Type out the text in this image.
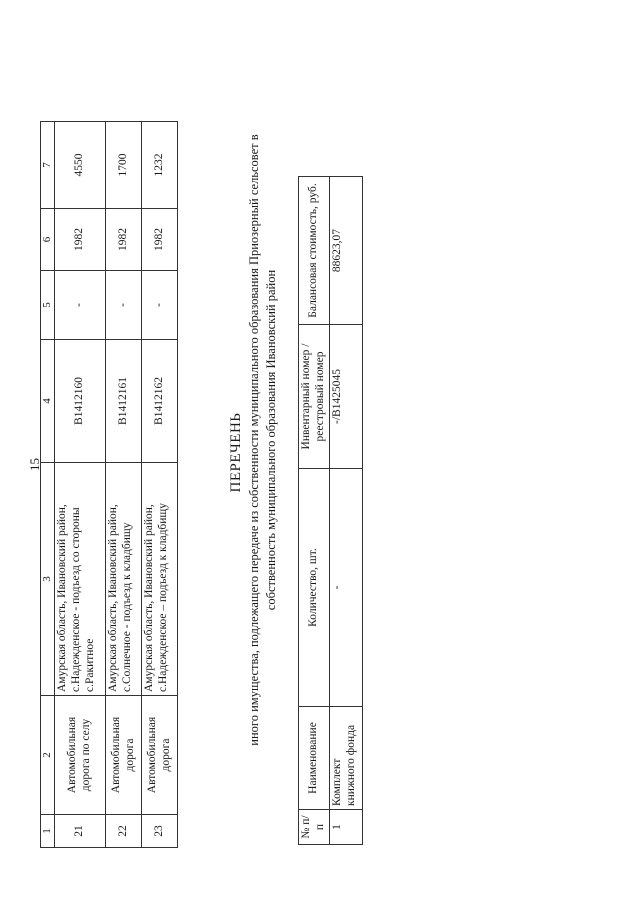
15
1	2	3	4	5	6	7
21	Автомобильная дорога по селу	Амурская область, Ивановский район, с.Надежденское - подъезд со стороны с.Ракитное	В1412160	-	1982	4550
22	Автомобильная дорога	Амурская область, Ивановский район, с.Солнечное - подъезд к кладбищу	В1412161	-	1982	1700
23	Автомобильная дорога	Амурская область, Ивановский район, с.Надежденское – подъезд к кладбищу	В1412162	-	1982	1232
ПЕРЕЧЕНЬ иного имущества, подлежащего передаче из собственности муниципального образования Приозерный сельсовет в собственность муниципального образования Ивановский район
№ п/п	Наименование	Количество, шт.	Инвентарный номер / реестровый номер	Балансовая стоимость, руб.
1	Комплект книжного фонда	-	-/В1425045	88623,07
